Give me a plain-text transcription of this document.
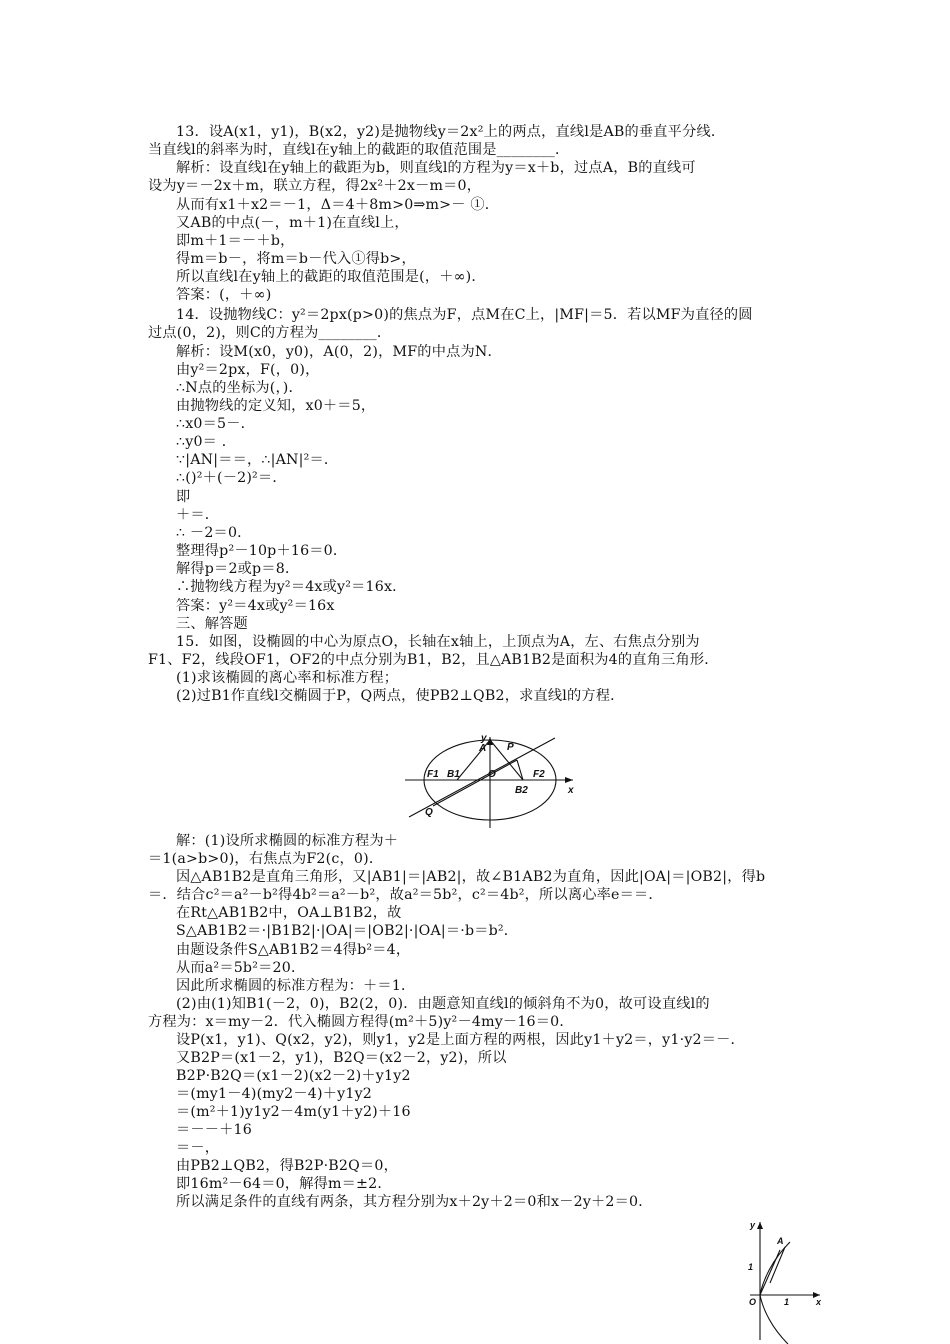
13．设A(x1，y1)，B(x2，y2)是抛物线y＝2x²上的两点，直线l是AB的垂直平分线．
当直线l的斜率为时，直线l在y轴上的截距的取值范围是________．
解析：设直线l在y轴上的截距为b，则直线l的方程为y＝x＋b，过点A，B的直线可
设为y＝－2x＋m，联立方程，得2x²＋2x－m＝0，
从而有x1＋x2＝－1，Δ＝4＋8m>0⇒m>－ ①．
又AB的中点(－，m＋1)在直线l上，
即m＋1＝－＋b，
得m＝b－，将m＝b－代入①得b>，
所以直线l在y轴上的截距的取值范围是(，＋∞)．
答案：(，＋∞)
14．设抛物线C：y²＝2px(p>0)的焦点为F，点M在C上，|MF|＝5．若以MF为直径的圆
过点(0，2)，则C的方程为________．
解析：设M(x0，y0)，A(0，2)，MF的中点为N．
由y²＝2px，F(，0)，
∴N点的坐标为(，)．
由抛物线的定义知，x0＋＝5，
∴x0＝5－．
∴y0＝ ．
∵|AN|＝＝，∴|AN|²＝．
∴()²＋(－2)²＝．
即
＋＝．
∴ －2＝0．
整理得p²－10p＋16＝0．
解得p＝2或p＝8．
∴抛物线方程为y²＝4x或y²＝16x．
答案：y²＝4x或y²＝16x
三、解答题
15．如图，设椭圆的中心为原点O，长轴在x轴上，上顶点为A，左、右焦点分别为
F1、F2，线段OF1，OF2的中点分别为B1，B2，且△AB1B2是面积为4的直角三角形．
(1)求该椭圆的离心率和标准方程；
(2)过B1作直线l交椭圆于P，Q两点，使PB2⊥QB2，求直线l的方程．
解：(1)设所求椭圆的标准方程为＋
＝1(a>b>0)，右焦点为F2(c，0)．
因△AB1B2是直角三角形，又|AB1|＝|AB2|，故∠B1AB2为直角，因此|OA|＝|OB2|，得b
＝．结合c²＝a²－b²得4b²＝a²－b²，故a²＝5b²，c²＝4b²，所以离心率e＝＝．
在Rt△AB1B2中，OA⊥B1B2，故
S△AB1B2＝·|B1B2|·|OA|＝|OB2|·|OA|＝·b＝b²．
由题设条件S△AB1B2＝4得b²＝4，
从而a²＝5b²＝20．
因此所求椭圆的标准方程为：＋＝1．
(2)由(1)知B1(－2，0)，B2(2，0)．由题意知直线l的倾斜角不为0，故可设直线l的
方程为：x＝my－2．代入椭圆方程得(m²＋5)y²－4my－16＝0．
设P(x1，y1)、Q(x2，y2)，则y1，y2是上面方程的两根，因此y1＋y2＝，y1·y2＝－．
又B2P＝(x1－2，y1)，B2Q＝(x2－2，y2)，所以
B2P·B2Q＝(x1－2)(x2－2)＋y1y2
＝(my1－4)(my2－4)＋y1y2
＝(m²＋1)y1y2－4m(y1＋y2)＋16
＝－－＋16
＝－，
由PB2⊥QB2，得B2P·B2Q＝0，
即16m²－64＝0，解得m＝±2．
所以满足条件的直线有两条，其方程分别为x＋2y＋2＝0和x－2y＋2＝0．
A P
y
F1 B1	O	F2
B2	x
Q
y
A
1
O	1	x
